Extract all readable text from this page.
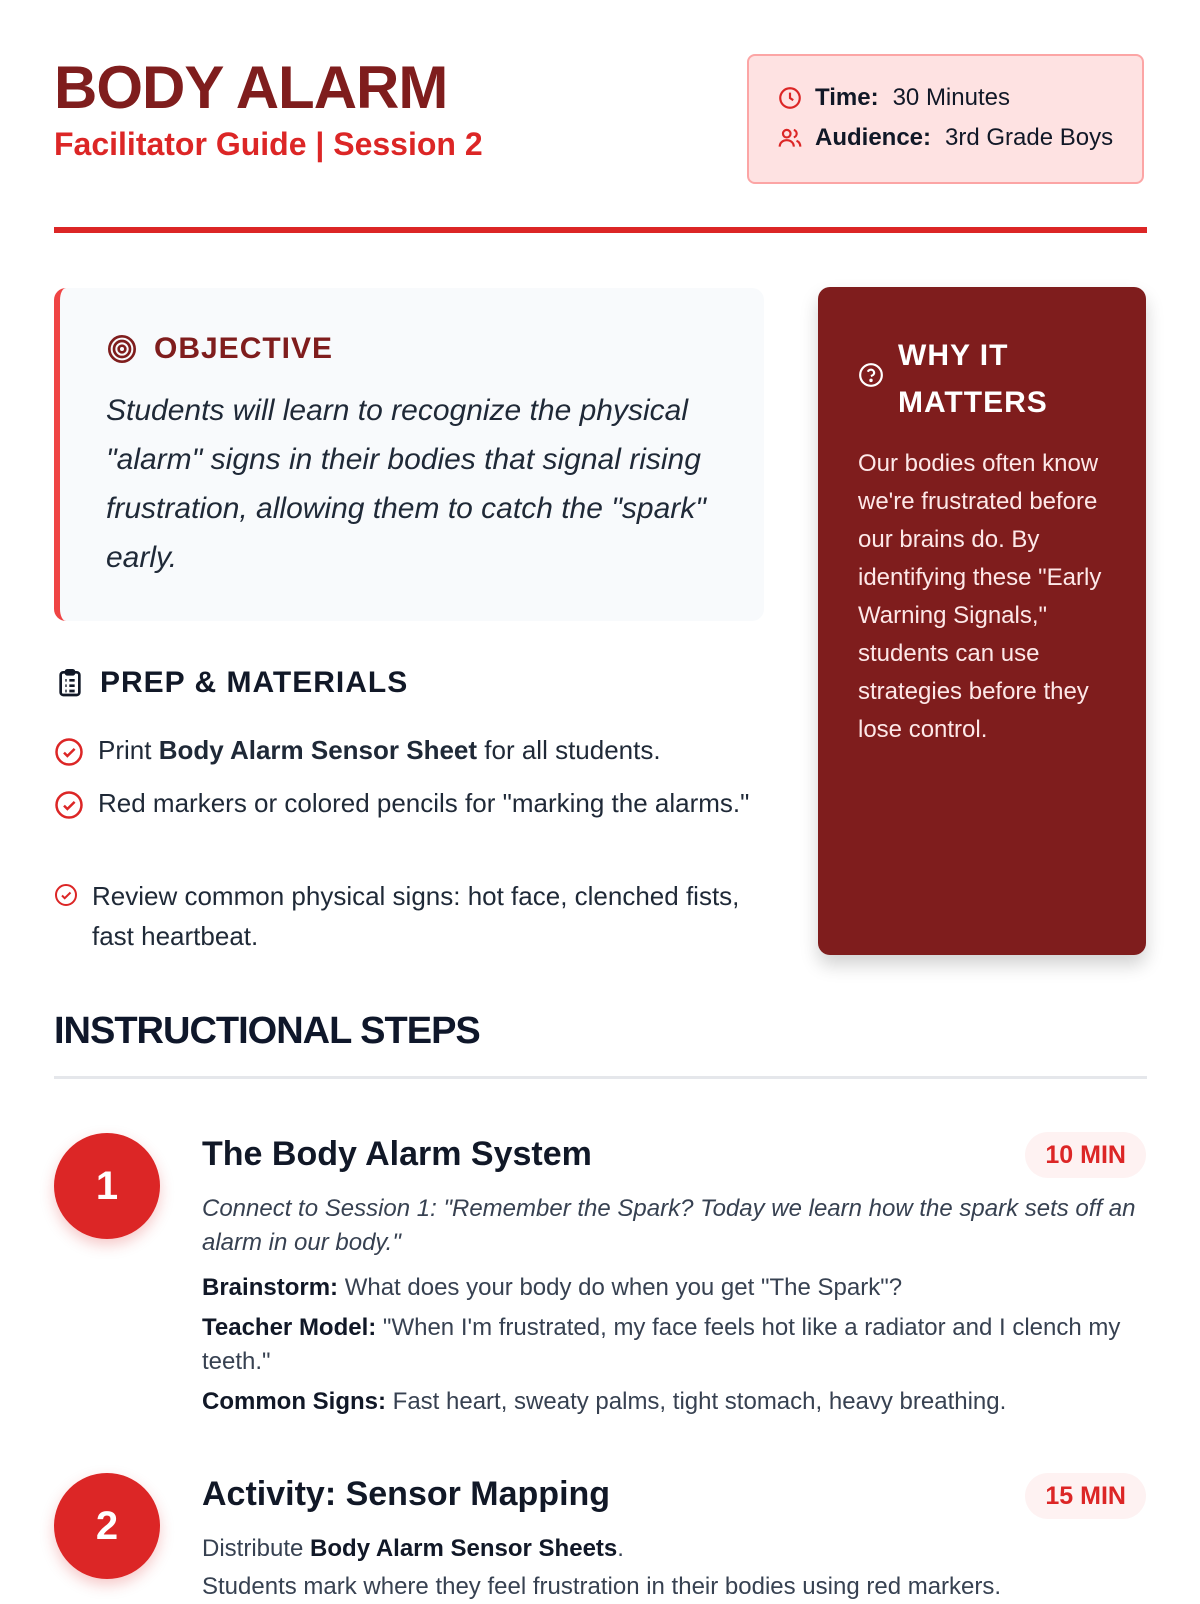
BODY ALARM
Facilitator Guide | Session 2
Time: 30 Minutes
Audience: 3rd Grade Boys
OBJECTIVE

Students will learn to recognize the physical "alarm" signs in their bodies that signal rising frustration, allowing them to catch the "spark" early.

WHY IT MATTERS

Our bodies often know we're frustrated before our brains do. By identifying these "Early Warning Signals," students can use strategies before they lose control.

PREP & MATERIALS
Print Body Alarm Sensor Sheet for all students.
Red markers or colored pencils for "marking the alarms."
Review common physical signs: hot face, clenched fists, fast heartbeat.
INSTRUCTIONAL STEPS
1
The Body Alarm System	10 MIN

Connect to Session 1: "Remember the Spark? Today we learn how the spark sets off an alarm in our body."

Brainstorm: What does your body do when you get "The Spark"?

Teacher Model: "When I'm frustrated, my face feels hot like a radiator and I clench my teeth."

Common Signs: Fast heart, sweaty palms, tight stomach, heavy breathing.

2
Activity: Sensor Mapping	15 MIN

Distribute Body Alarm Sensor Sheets.

Students mark where they feel frustration in their bodies using red markers.
